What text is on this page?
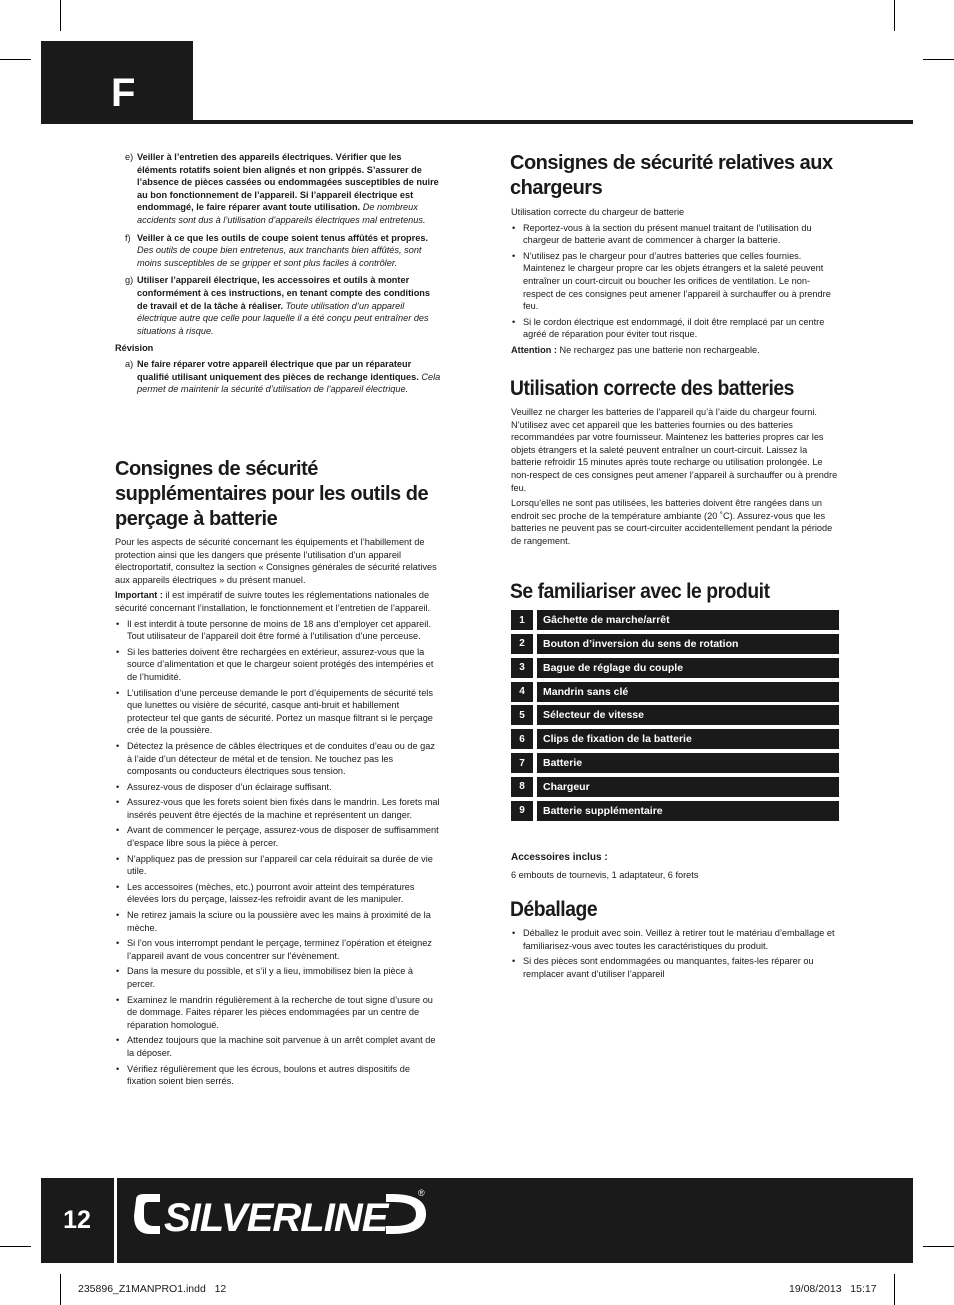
F
e) Veiller à l’entretien des appareils électriques. Vérifier que les éléments rotatifs soient bien alignés et non grippés. S’assurer de l’absence de pièces cassées ou endommagées susceptibles de nuire au bon fonctionnement de l’appareil. Si l’appareil électrique est endommagé, le faire réparer avant toute utilisation. De nombreux accidents sont dus à l’utilisation d’appareils électriques mal entretenus.
f) Veiller à ce que les outils de coupe soient tenus affûtés et propres. Des outils de coupe bien entretenus, aux tranchants bien affûtés, sont moins susceptibles de se gripper et sont plus faciles à contrôler.
g) Utiliser l’appareil électrique, les accessoires et outils à monter conformément à ces instructions, en tenant compte des conditions de travail et de la tâche à réaliser. Toute utilisation d’un appareil électrique autre que celle pour laquelle il a été conçu peut entraîner des situations à risque.
Révision
a) Ne faire réparer votre appareil électrique que par un réparateur qualifié utilisant uniquement des pièces de rechange identiques. Cela permet de maintenir la sécurité d’utilisation de l’appareil électrique.
Consignes de sécurité supplémentaires pour les outils de perçage à batterie

Pour les aspects de sécurité concernant les équipements et l’habillement de protection ainsi que les dangers que présente l’utilisation d’un appareil électroportatif, consultez la section « Consignes générales de sécurité relatives aux appareils électriques » du présent manuel.

Important : il est impératif de suivre toutes les réglementations nationales de sécurité concernant l’installation, le fonctionnement et l’entretien de l’appareil.

• Il est interdit à toute personne de moins de 18 ans d’employer cet appareil. Tout utilisateur de l’appareil doit être formé à l’utilisation d’une perceuse.
• Si les batteries doivent être rechargées en extérieur, assurez-vous que la source d’alimentation et que le chargeur soient protégés des intempéries et de l’humidité.
• L’utilisation d’une perceuse demande le port d’équipements de sécurité tels que lunettes ou visière de sécurité, casque anti-bruit et habillement protecteur tel que gants de sécurité. Portez un masque filtrant si le perçage crée de la poussière.
• Détectez la présence de câbles électriques et de conduites d’eau ou de gaz à l’aide d’un détecteur de métal et de tension. Ne touchez pas les composants ou conducteurs électriques sous tension.
• Assurez-vous de disposer d’un éclairage suffisant.
• Assurez-vous que les forets soient bien fixés dans le mandrin. Les forets mal insérés peuvent être éjectés de la machine et représentent un danger.
• Avant de commencer le perçage, assurez-vous de disposer de suffisamment d’espace libre sous la pièce à percer.
• N’appliquez pas de pression sur l’appareil car cela réduirait sa durée de vie utile.
• Les accessoires (mèches, etc.) pourront avoir atteint des températures élevées lors du perçage, laissez-les refroidir avant de les manipuler.
• Ne retirez jamais la sciure ou la poussière avec les mains à proximité de la mèche.
• Si l’on vous interrompt pendant le perçage, terminez l’opération et éteignez l’appareil avant de vous concentrer sur l’évènement.
• Dans la mesure du possible, et s’il y a lieu, immobilisez bien la pièce à percer.
• Examinez le mandrin régulièrement à la recherche de tout signe d’usure ou de dommage. Faites réparer les pièces endommagées par un centre de réparation homologué.
• Attendez toujours que la machine soit parvenue à un arrêt complet avant de la déposer.
• Vérifiez régulièrement que les écrous, boulons et autres dispositifs de fixation soient bien serrés.
Consignes de sécurité relatives aux chargeurs

Utilisation correcte du chargeur de batterie

• Reportez-vous à la section du présent manuel traitant de l’utilisation du chargeur de batterie avant de commencer à charger la batterie.
• N’utilisez pas le chargeur pour d’autres batteries que celles fournies. Maintenez le chargeur propre car les objets étrangers et la saleté peuvent entraîner un court-circuit ou boucher les orifices de ventilation. Le non-respect de ces consignes peut amener l’appareil à surchauffer ou à prendre feu.
• Si le cordon électrique est endommagé, il doit être remplacé par un centre agréé de réparation pour éviter tout risque.

Attention : Ne rechargez pas une batterie non rechargeable.

Utilisation correcte des batteries

Veuillez ne charger les batteries de l’appareil qu’à l’aide du chargeur fourni. N’utilisez avec cet appareil que les batteries fournies ou des batteries recommandées par votre fournisseur. Maintenez les batteries propres car les objets étrangers et la saleté peuvent entraîner un court-circuit. Laissez la batterie refroidir 15 minutes après toute recharge ou utilisation prolongée. Le non-respect de ces consignes peut amener l’appareil à surchauffer ou à prendre feu.

Lorsqu’elles ne sont pas utilisées, les batteries doivent être rangées dans un endroit sec proche de la température ambiante (20 ˚C). Assurez-vous que les batteries ne peuvent pas se court-circuiter accidentellement pendant la période de rangement.

Se familiariser avec le produit
1	Gâchette de marche/arrêt
2	Bouton d’inversion du sens de rotation
3	Bague de réglage du couple
4	Mandrin sans clé
5	Sélecteur de vitesse
6	Clips de fixation de la batterie
7	Batterie
8	Chargeur
9	Batterie supplémentaire

Accessoires inclus :

6 embouts de tournevis, 1 adaptateur, 6 forets

Déballage
• Déballez le produit avec soin. Veillez à retirer tout le matériau d’emballage et familiarisez-vous avec toutes les caractéristiques du produit.
• Si des pièces sont endommagées ou manquantes, faites-les réparer ou remplacer avant d’utiliser l’appareil
12	SILVERLINE
®
235896_Z1MANPRO1.indd   12	19/08/2013   15:17
